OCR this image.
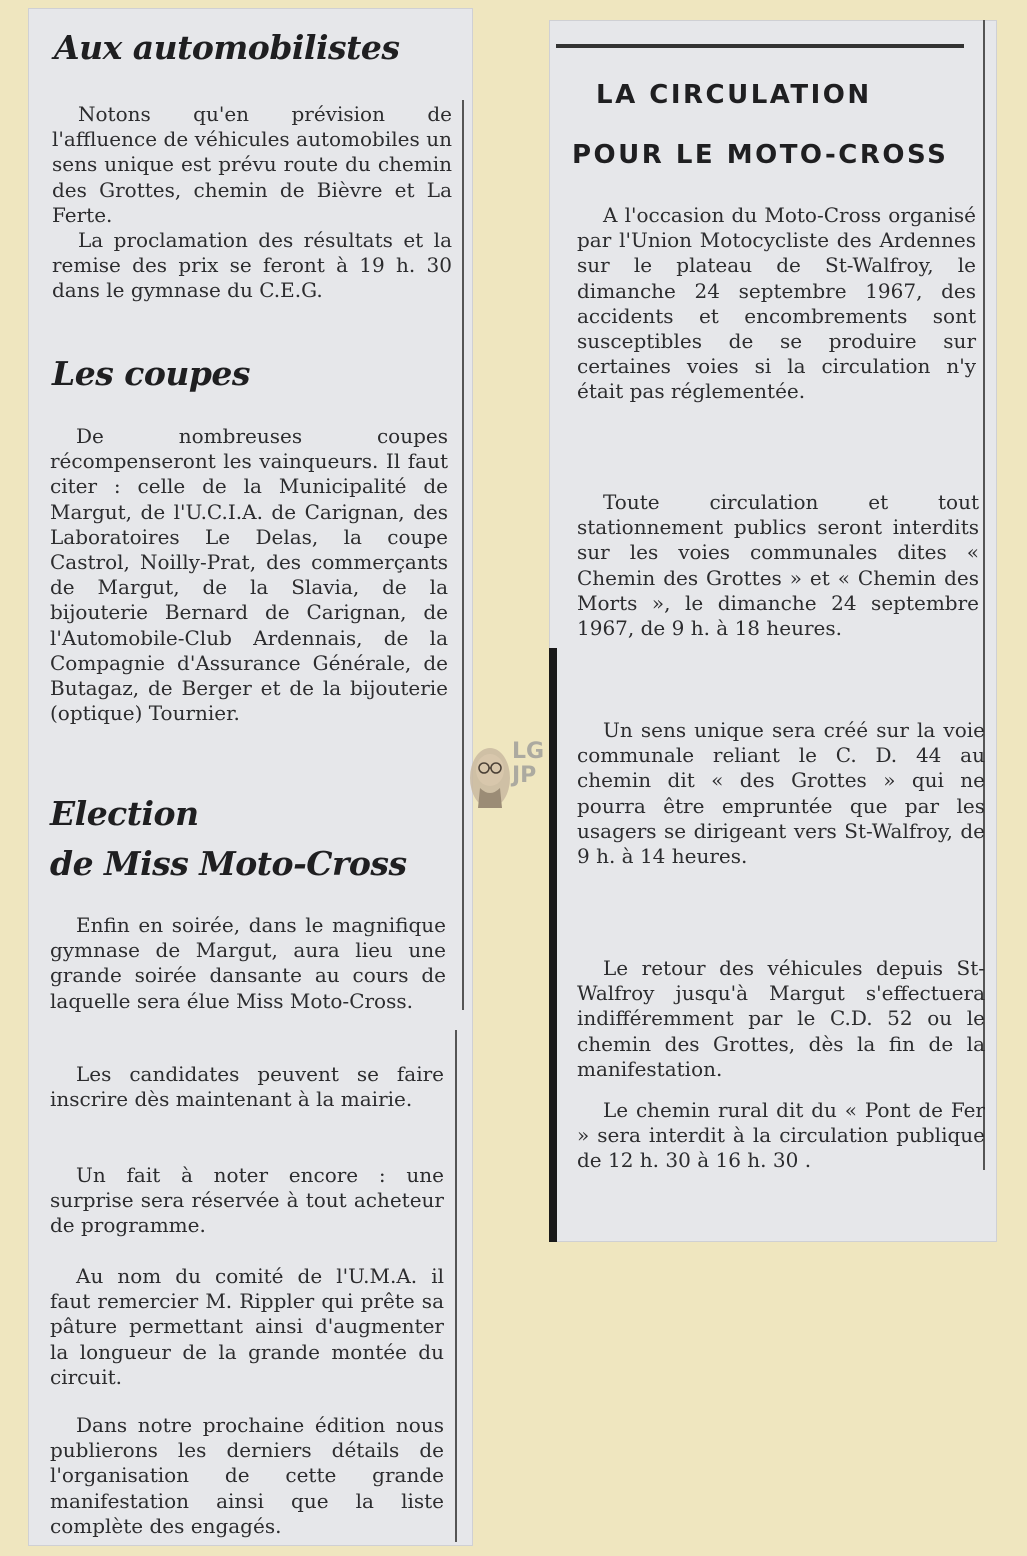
Aux automobilistes

Notons qu'en prévision de l'affluence de véhicules automobiles un sens unique est prévu route du chemin des Grottes, chemin de Bièvre et La Ferte.

La proclamation des résultats et la remise des prix se feront à 19 h. 30 dans le gymnase du C.E.G.

Les coupes

De nombreuses coupes récompenseront les vainqueurs. Il faut citer : celle de la Municipalité de Margut, de l'U.C.I.A. de Carignan, des Laboratoires Le Delas, la coupe Castrol, Noilly-Prat, des commerçants de Margut, de la Slavia, de la bijouterie Bernard de Carignan, de l'Automobile-Club Ardennais, de la Compagnie d'Assurance Générale, de Butagaz, de Berger et de la bijouterie (optique) Tournier.

Election
de Miss Moto-Cross

Enfin en soirée, dans le magnifique gymnase de Margut, aura lieu une grande soirée dansante au cours de laquelle sera élue Miss Moto-Cross.

Les candidates peuvent se faire inscrire dès maintenant à la mairie.

Un fait à noter encore : une surprise sera réservée à tout acheteur de programme.

Au nom du comité de l'U.M.A. il faut remercier M. Rippler qui prête sa pâture permettant ainsi d'augmenter la longueur de la grande montée du circuit.

Dans notre prochaine édition nous publierons les derniers détails de l'organisation de cette grande manifestation ainsi que la liste complète des engagés.

LA CIRCULATION
POUR LE MOTO-CROSS

A l'occasion du Moto-Cross organisé par l'Union Motocycliste des Ardennes sur le plateau de St-Walfroy, le dimanche 24 septembre 1967, des accidents et encombrements sont susceptibles de se produire sur certaines voies si la circulation n'y était pas réglementée.

Toute circulation et tout stationnement publics seront interdits sur les voies communales dites « Chemin des Grottes » et « Chemin des Morts », le dimanche 24 septembre 1967, de 9 h. à 18 heures.

Un sens unique sera créé sur la voie communale reliant le C. D. 44 au chemin dit « des Grottes » qui ne pourra être empruntée que par les usagers se dirigeant vers St-Walfroy, de 9 h. à 14 heures.

Le retour des véhicules depuis St-Walfroy jusqu'à Margut s'effectuera indifféremment par le C.D. 52 ou le chemin des Grottes, dès la fin de la manifestation.

Le chemin rural dit du « Pont de Fer » sera interdit à la circulation publique de 12 h. 30 à 16 h. 30 .

LG
JP
